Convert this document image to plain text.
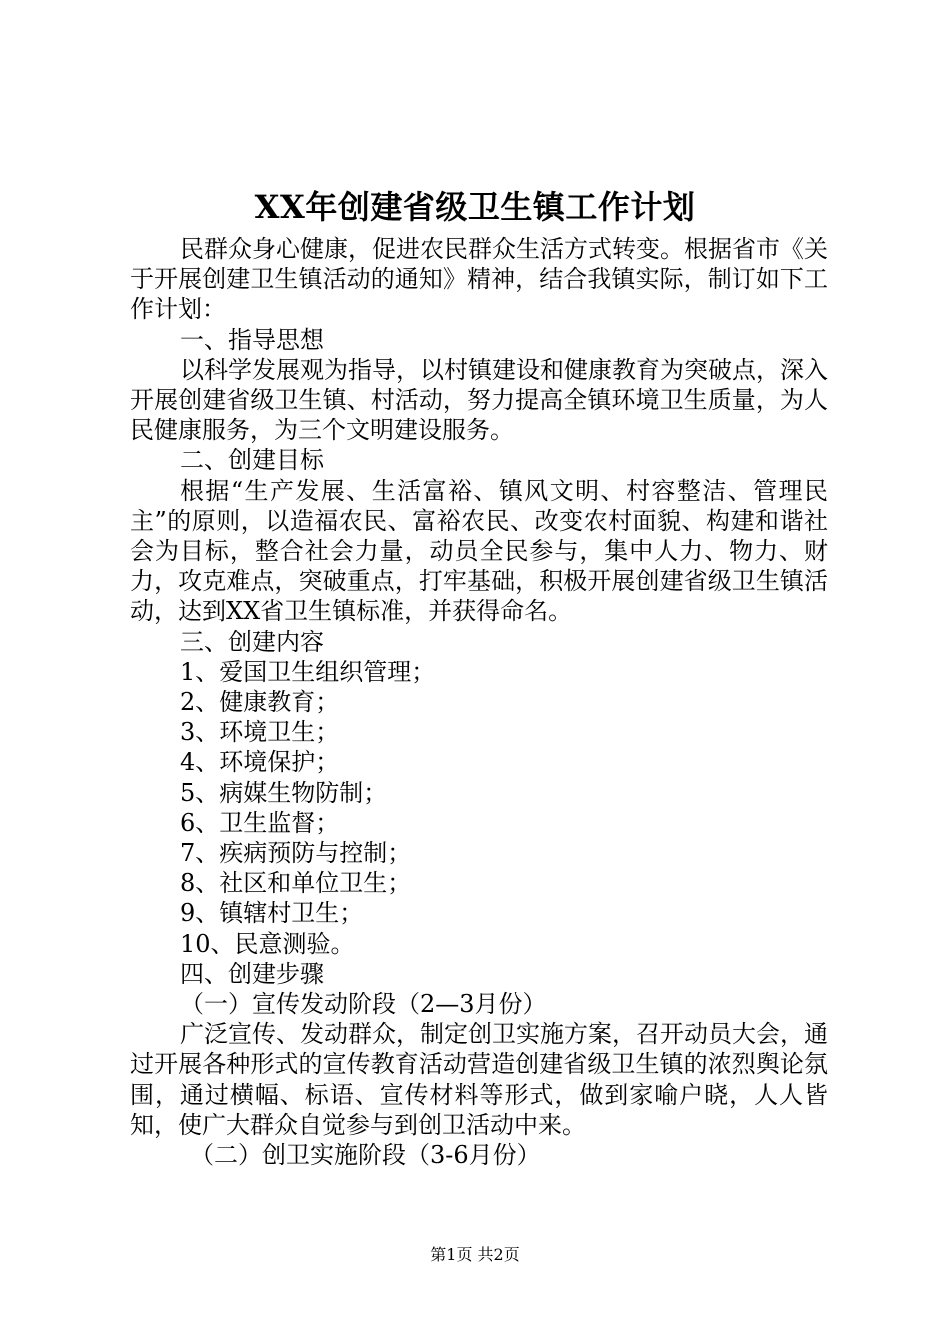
XX年创建省级卫生镇工作计划

民群众身心健康，促进农民群众生活方式转变。根据省市《关于开展创建卫生镇活动的通知》精神，结合我镇实际，制订如下工作计划：

一、指导思想

以科学发展观为指导，以村镇建设和健康教育为突破点，深入开展创建省级卫生镇、村活动，努力提高全镇环境卫生质量，为人民健康服务，为三个文明建设服务。

二、创建目标

根据“生产发展、生活富裕、镇风文明、村容整洁、管理民主”的原则，以造福农民、富裕农民、改变农村面貌、构建和谐社会为目标，整合社会力量，动员全民参与，集中人力、物力、财力，攻克难点，突破重点，打牢基础，积极开展创建省级卫生镇活动，达到XX省卫生镇标准，并获得命名。

三、创建内容

1、爱国卫生组织管理；

2、健康教育；

3、环境卫生；

4、环境保护；

5、病媒生物防制；

6、卫生监督；

7、疾病预防与控制；

8、社区和单位卫生；

9、镇辖村卫生；

10、民意测验。

四、创建步骤

（一）宣传发动阶段（2—3月份）

广泛宣传、发动群众，制定创卫实施方案，召开动员大会，通过开展各种形式的宣传教育活动营造创建省级卫生镇的浓烈舆论氛围，通过横幅、标语、宣传材料等形式，做到家喻户晓，人人皆知，使广大群众自觉参与到创卫活动中来。

（二）创卫实施阶段（3-6月份）

第1页 共2页
